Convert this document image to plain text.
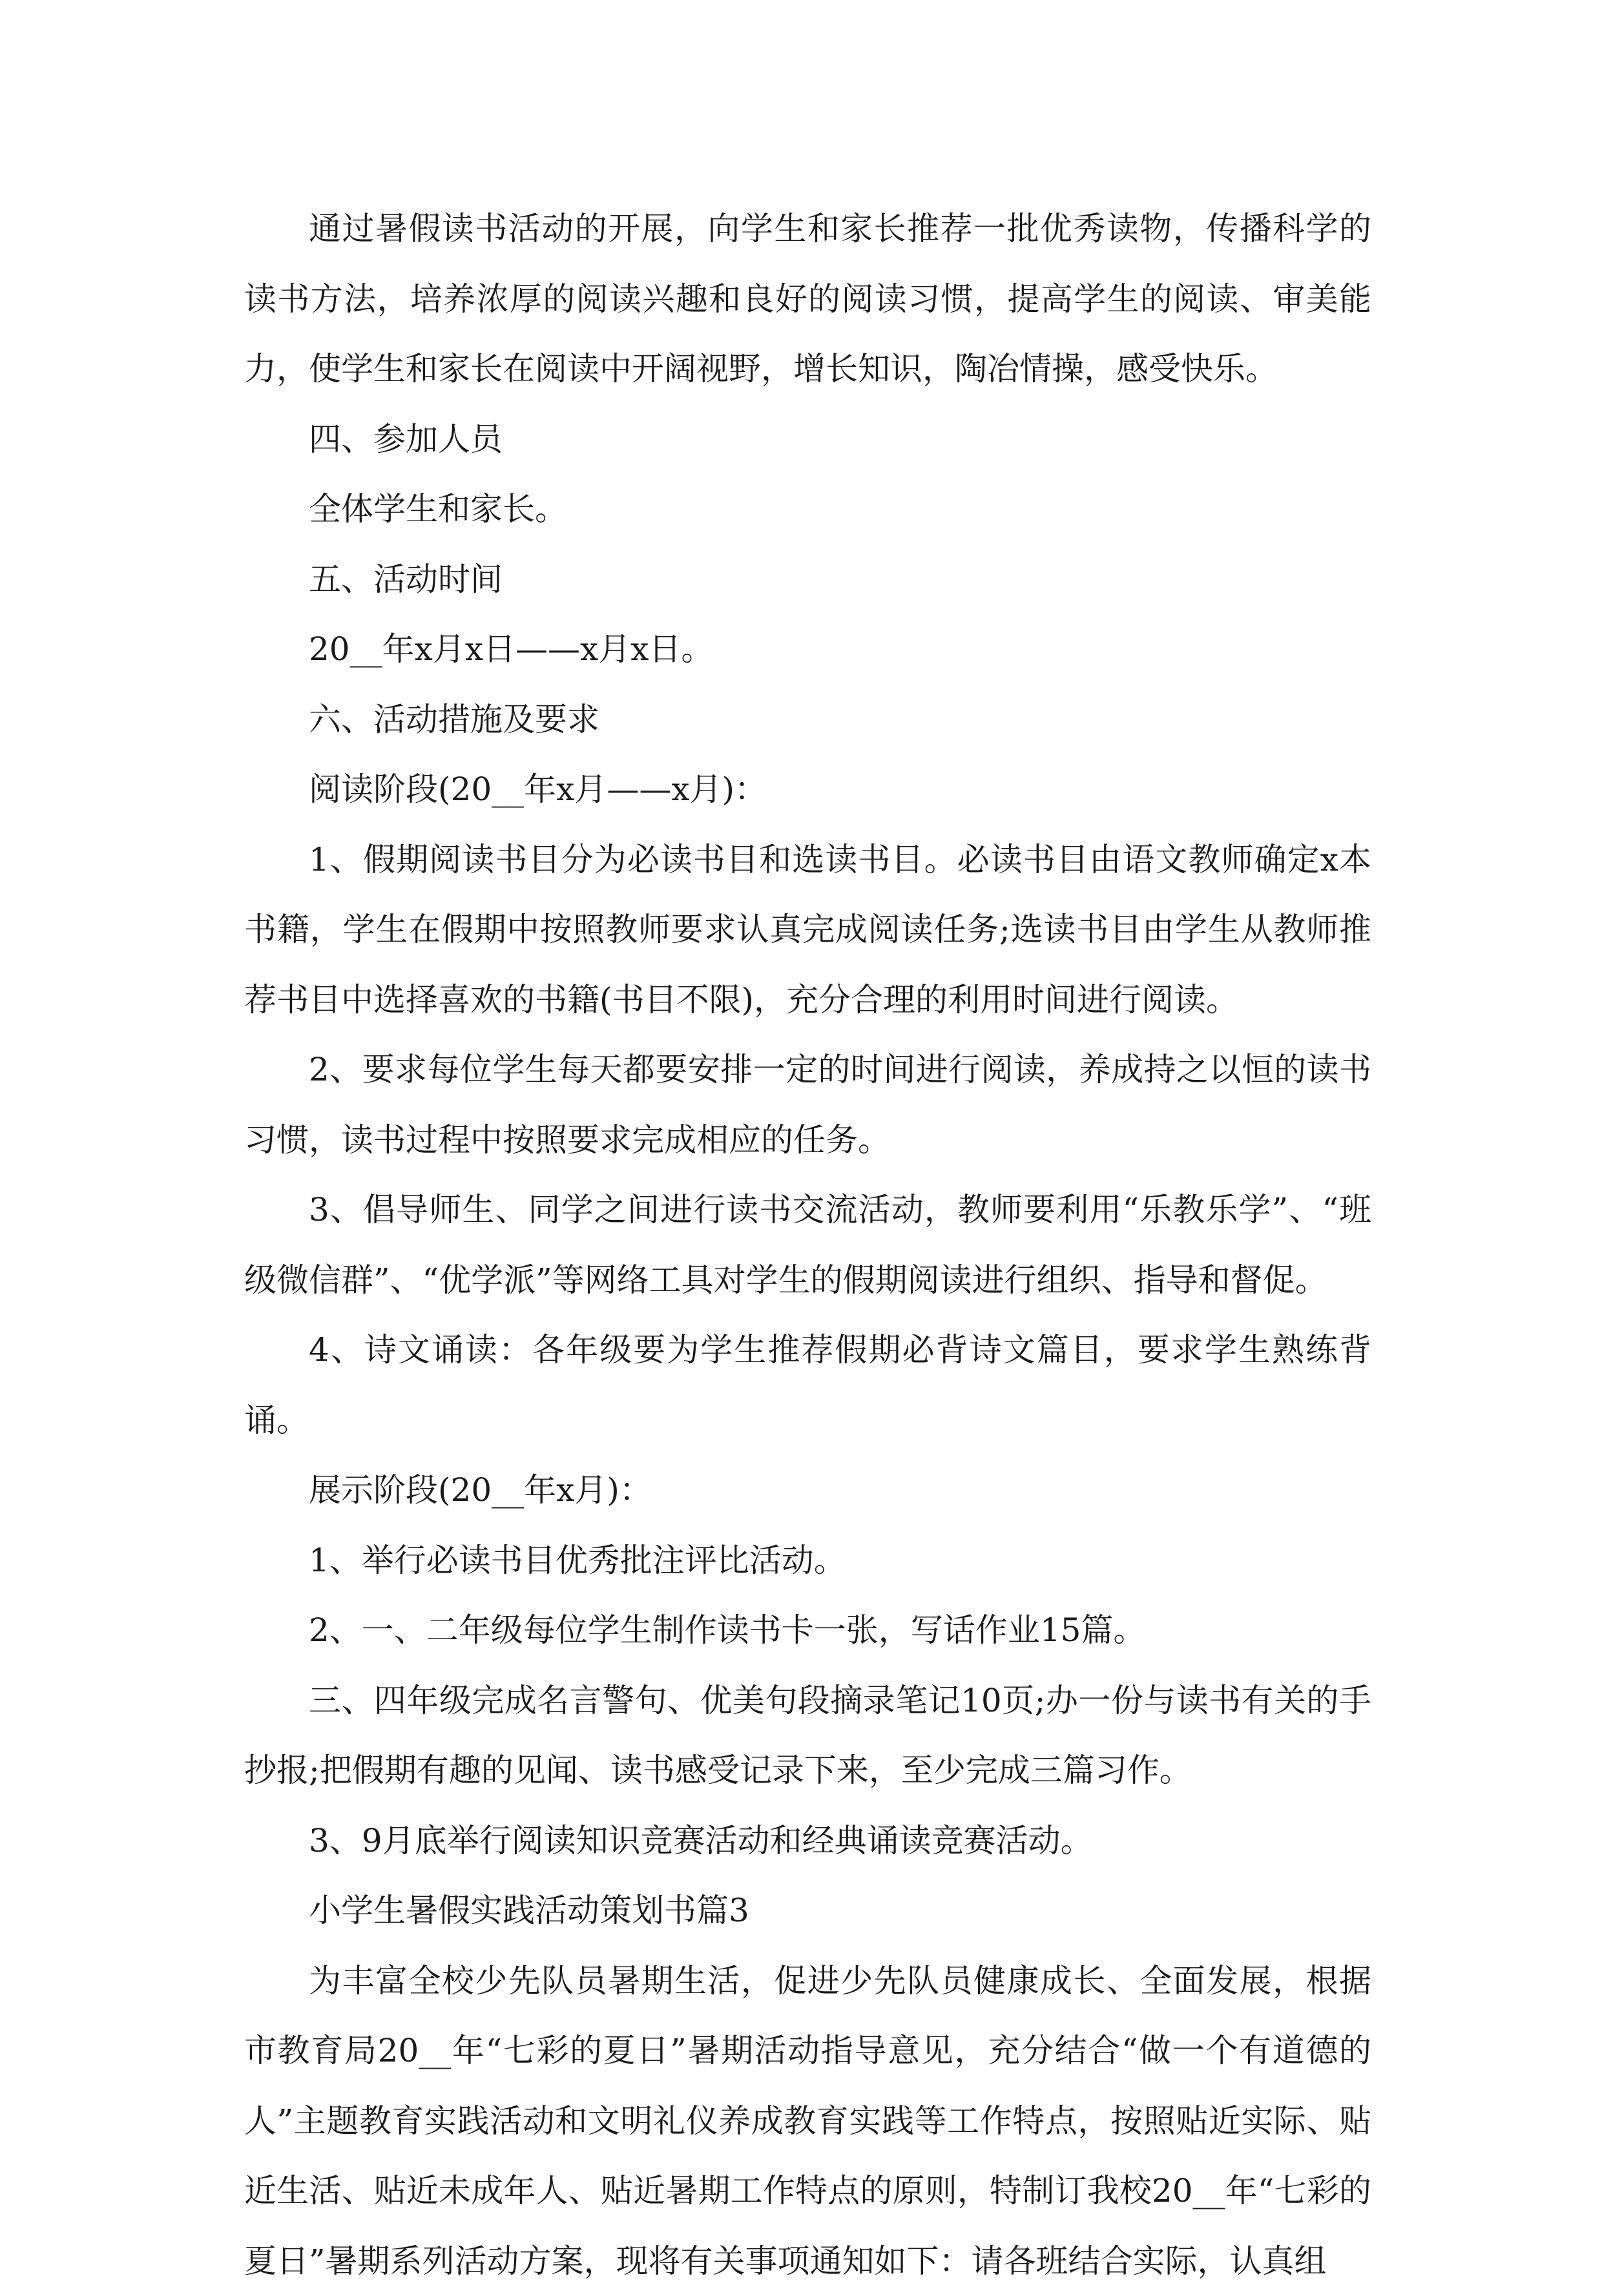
通过暑假读书活动的开展，向学生和家长推荐一批优秀读物，传播科学的读书方法，培养浓厚的阅读兴趣和良好的阅读习惯，提高学生的阅读、审美能力，使学生和家长在阅读中开阔视野，增长知识，陶冶情操，感受快乐。

四、参加人员

全体学生和家长。

五、活动时间

20__年x月x日——x月x日。

六、活动措施及要求

阅读阶段(20__年x月——x月)：

1、假期阅读书目分为必读书目和选读书目。必读书目由语文教师确定x本书籍，学生在假期中按照教师要求认真完成阅读任务;选读书目由学生从教师推荐书目中选择喜欢的书籍(书目不限)，充分合理的利用时间进行阅读。

2、要求每位学生每天都要安排一定的时间进行阅读，养成持之以恒的读书习惯，读书过程中按照要求完成相应的任务。

3、倡导师生、同学之间进行读书交流活动，教师要利用“乐教乐学”、“班级微信群”、“优学派”等网络工具对学生的假期阅读进行组织、指导和督促。

4、诗文诵读：各年级要为学生推荐假期必背诗文篇目，要求学生熟练背诵。

展示阶段(20__年x月)：

1、举行必读书目优秀批注评比活动。

2、一、二年级每位学生制作读书卡一张，写话作业15篇。

三、四年级完成名言警句、优美句段摘录笔记10页;办一份与读书有关的手抄报;把假期有趣的见闻、读书感受记录下来，至少完成三篇习作。

3、9月底举行阅读知识竞赛活动和经典诵读竞赛活动。

小学生暑假实践活动策划书篇3

为丰富全校少先队员暑期生活，促进少先队员健康成长、全面发展，根据市教育局20__年“七彩的夏日”暑期活动指导意见，充分结合“做一个有道德的人”主题教育实践活动和文明礼仪养成教育实践等工作特点，按照贴近实际、贴近生活、贴近未成年人、贴近暑期工作特点的原则，特制订我校20__年“七彩的夏日”暑期系列活动方案，现将有关事项通知如下：请各班结合实际，认真组
